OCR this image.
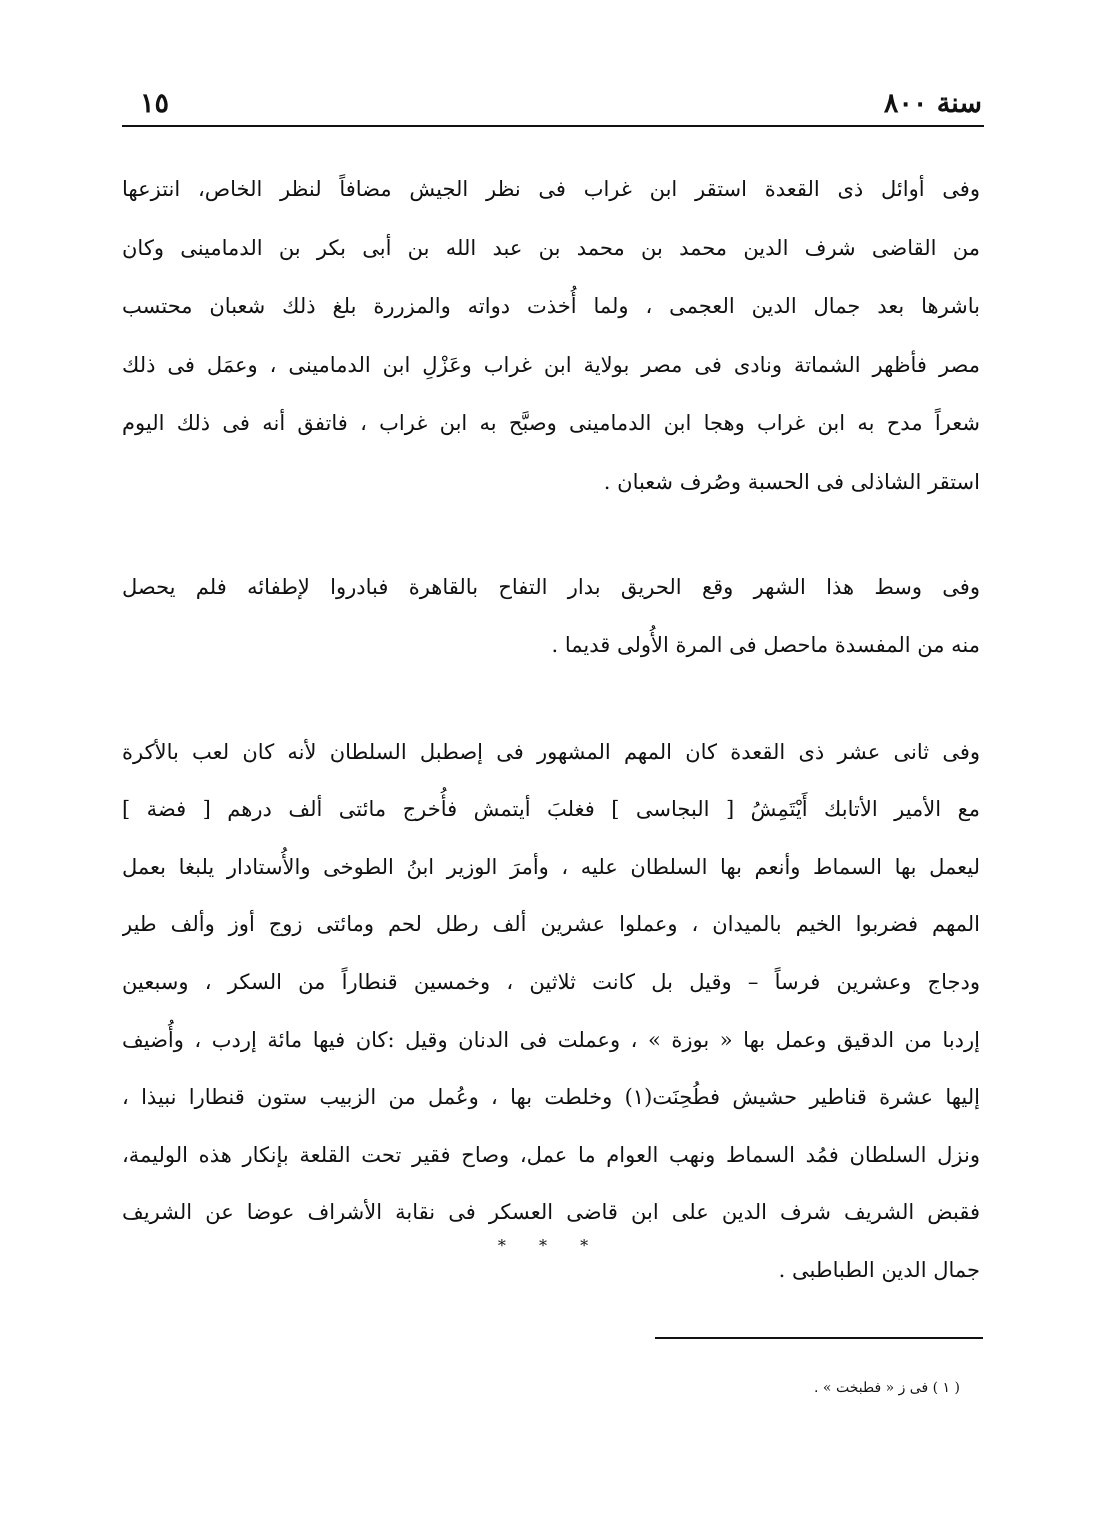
سنة ٨٠٠
١٥
وفى أوائل ذى القعدة استقر ابن غراب فى نظر الجيش مضافاً لنظر الخاص، انتزعها
من القاضى شرف الدين محمد بن محمد بن عبد الله بن أبى بكر بن الدمامينى وكان
باشرها بعد جمال الدين العجمى ، ولما أُخذت دواته والمزررة بلغ ذلك شعبان محتسب
مصر فأظهر الشماتة ونادى فى مصر بولاية ابن غراب وعَزْلِ ابن الدمامينى ، وعمَل فى ذلك
شعراً مدح به ابن غراب وهجا ابن الدمامينى وصبَّح به ابن غراب ، فاتفق أنه فى ذلك اليوم
استقر الشاذلى فى الحسبة وصُرف شعبان .
وفى وسط هذا الشهر وقع الحريق بدار التفاح بالقاهرة فبادروا لإطفائه فلم يحصل
منه من المفسدة ماحصل فى المرة الأُولى قديما .
وفى ثانى عشر ذى القعدة كان المهم المشهور فى إصطبل السلطان لأنه كان لعب بالأكرة
مع الأمير الأتابك أَيْتَمِشُ [ البجاسى ] فغلبَ أيتمش فأُخرج مائتى ألف درهم [ فضة ]
ليعمل بها السماط وأنعم بها السلطان عليه ، وأمرَ الوزير ابنُ الطوخى والأُستادار يلبغا بعمل
المهم فضربوا الخيم بالميدان ، وعملوا عشرين ألف رطل لحم ومائتى زوج أوز وألف طير
ودجاج وعشرين فرساً – وقيل بل كانت ثلاثين ، وخمسين قنطاراً من السكر ، وسبعين
إردبا من الدقيق وعمل بها « بوزة » ، وعملت فى الدنان وقيل :كان فيها مائة إردب ، وأُضيف
إليها عشرة قناطير حشيش فطُحِنَت(١) وخلطت بها ، وعُمل من الزبيب ستون قنطارا نبيذا ،
ونزل السلطان فمُد السماط ونهب العوام ما عمل، وصاح فقير تحت القلعة بإنكار هذه الوليمة،
فقبض الشريف شرف الدين على ابن قاضى العسكر فى نقابة الأشراف عوضا عن الشريف
جمال الدين الطباطبى .
* * *
( ١ ) فى ز « فطبخت » .
